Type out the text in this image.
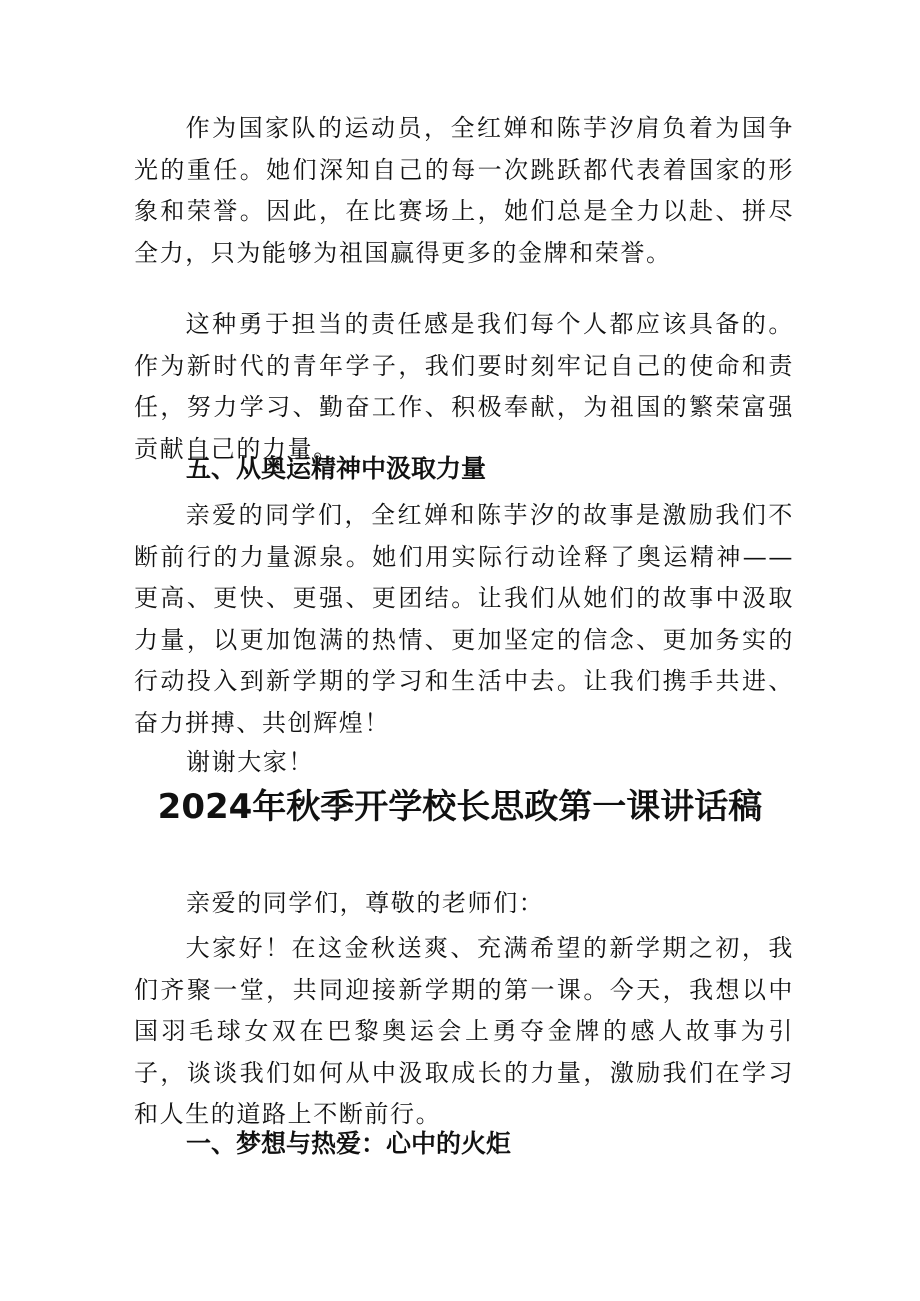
作为国家队的运动员，全红婵和陈芋汐肩负着为国争光的重任。她们深知自己的每一次跳跃都代表着国家的形象和荣誉。因此，在比赛场上，她们总是全力以赴、拼尽全力，只为能够为祖国赢得更多的金牌和荣誉。

这种勇于担当的责任感是我们每个人都应该具备的。作为新时代的青年学子，我们要时刻牢记自己的使命和责任，努力学习、勤奋工作、积极奉献，为祖国的繁荣富强贡献自己的力量。

五、从奥运精神中汲取力量

亲爱的同学们，全红婵和陈芋汐的故事是激励我们不断前行的力量源泉。她们用实际行动诠释了奥运精神——更高、更快、更强、更团结。让我们从她们的故事中汲取力量，以更加饱满的热情、更加坚定的信念、更加务实的行动投入到新学期的学习和生活中去。让我们携手共进、奋力拼搏、共创辉煌！

谢谢大家！

2024年秋季开学校长思政第一课讲话稿

亲爱的同学们，尊敬的老师们：

大家好！在这金秋送爽、充满希望的新学期之初，我们齐聚一堂，共同迎接新学期的第一课。今天，我想以中国羽毛球女双在巴黎奥运会上勇夺金牌的感人故事为引子，谈谈我们如何从中汲取成长的力量，激励我们在学习和人生的道路上不断前行。

一、梦想与热爱：心中的火炬
